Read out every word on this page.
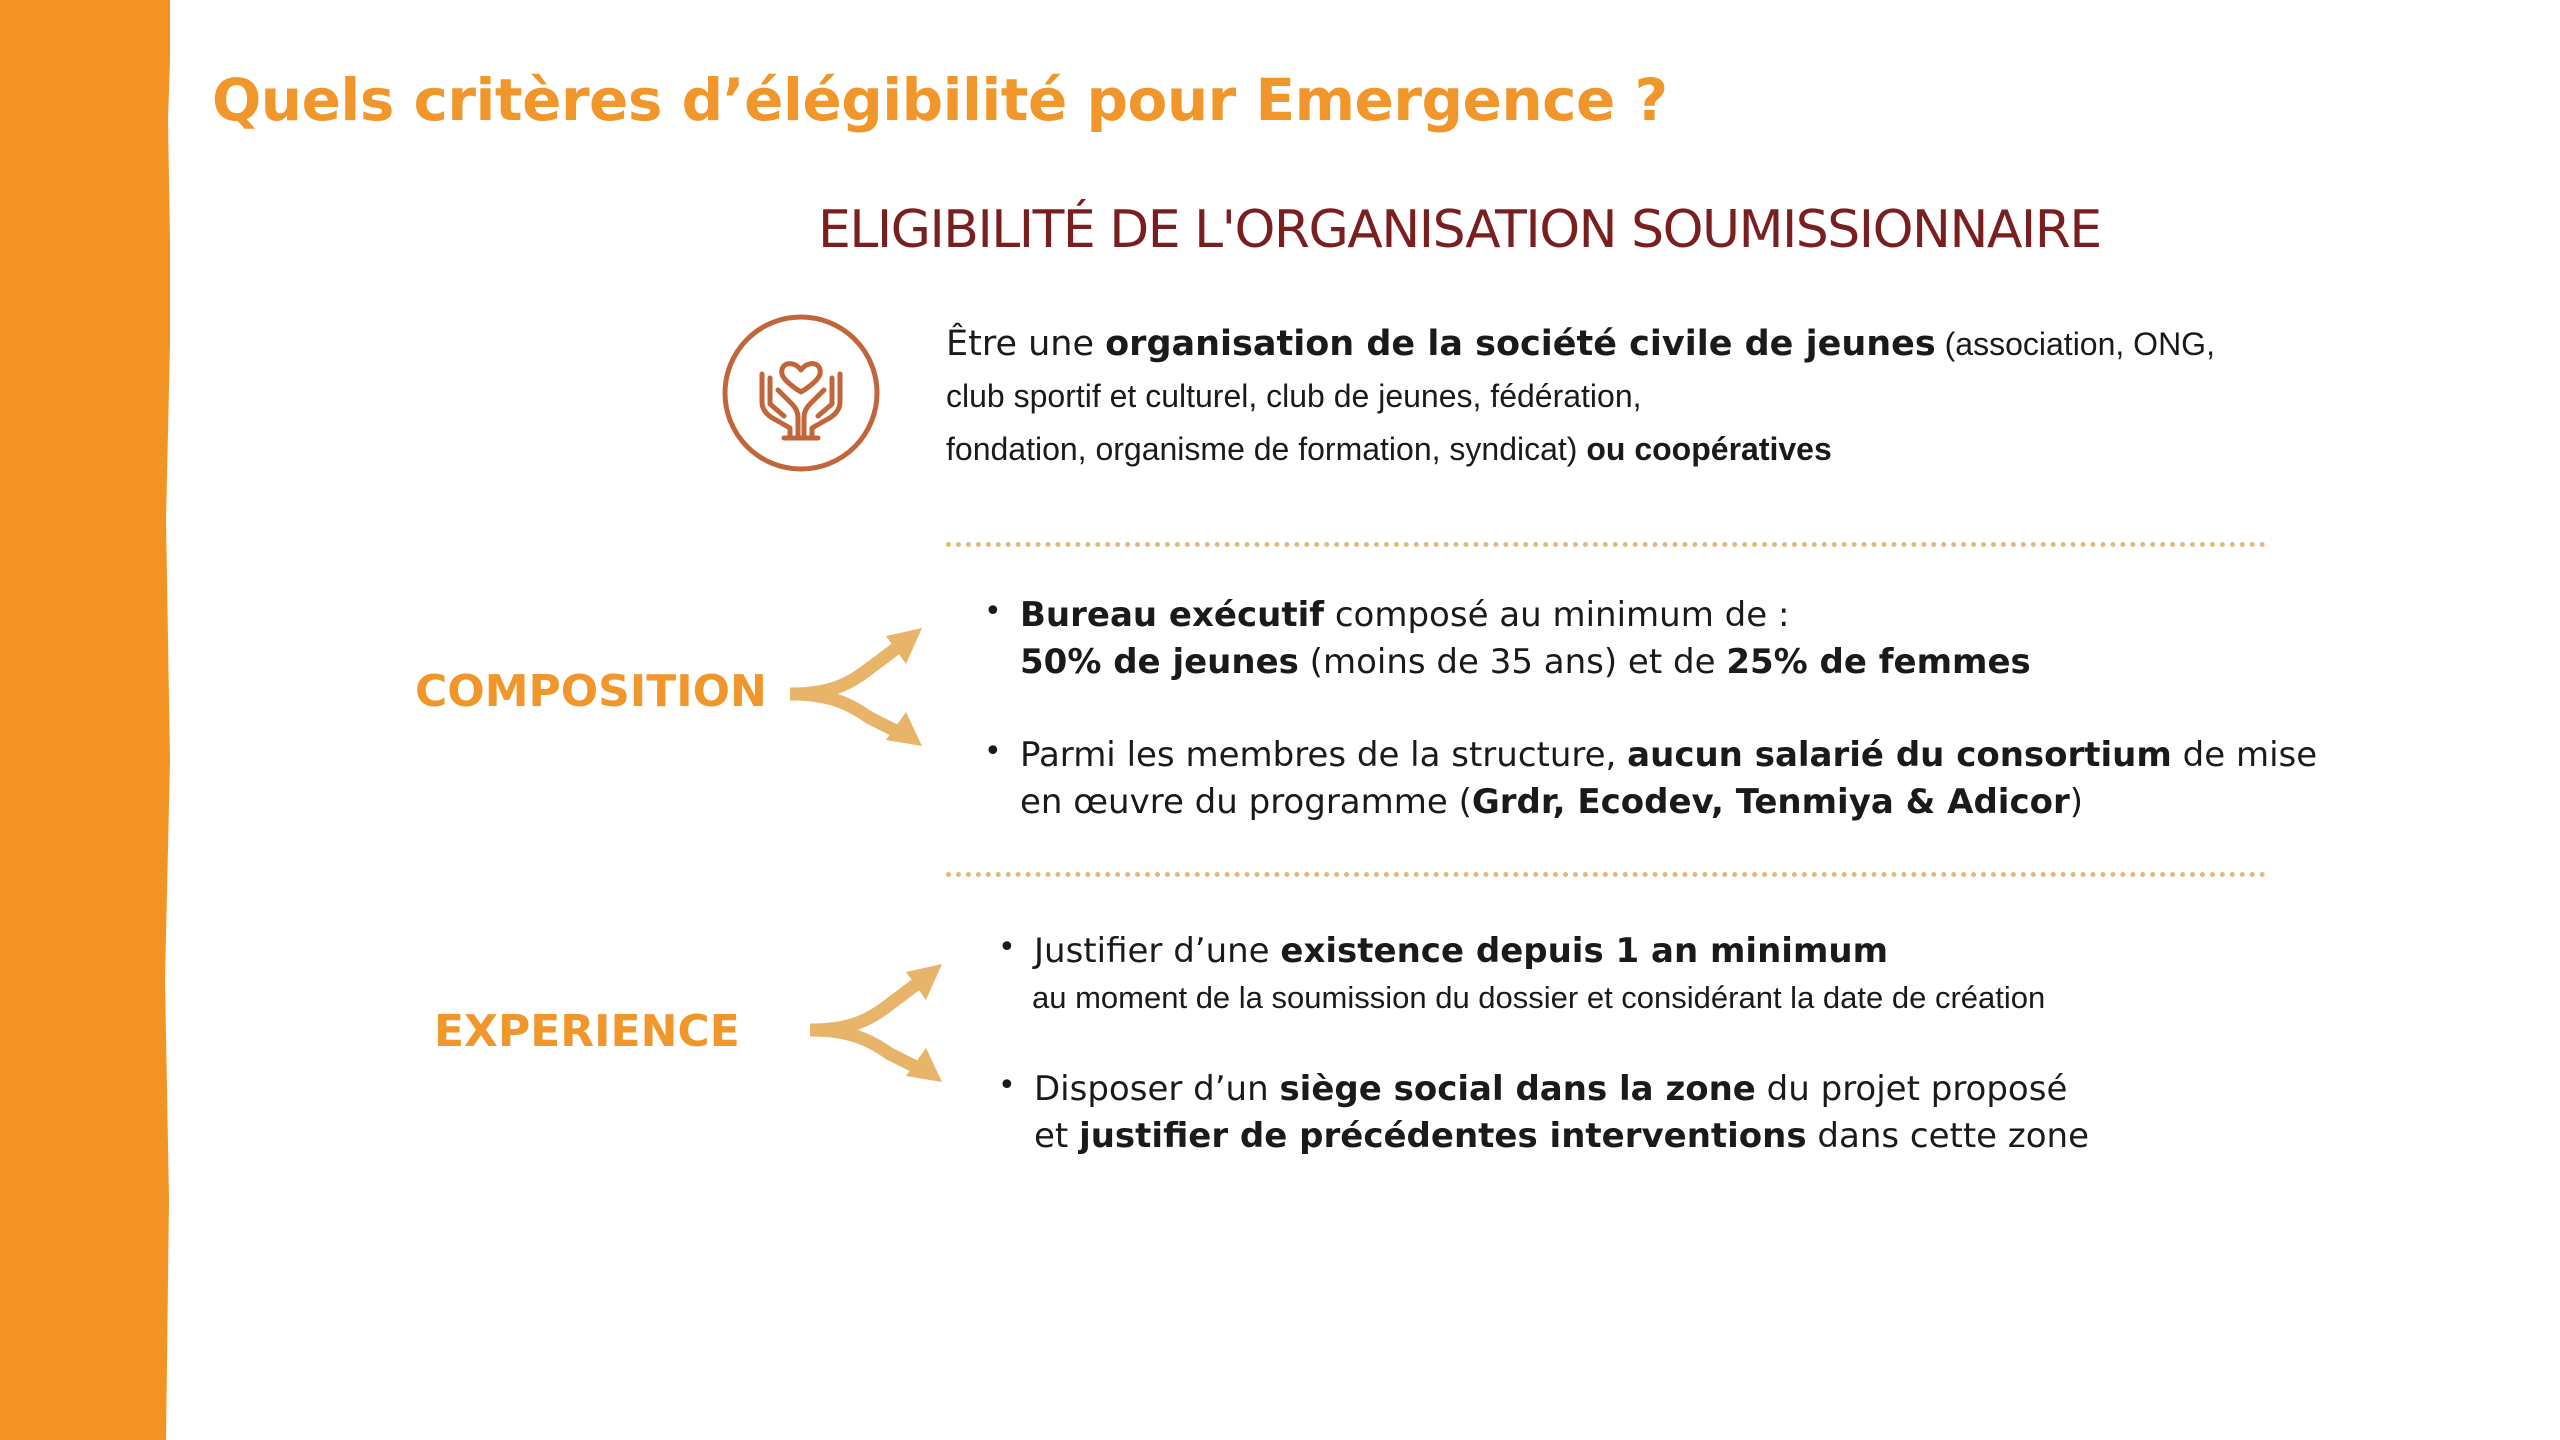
Quels critères d’élégibilité pour Emergence ?
ELIGIBILITÉ DE L'ORGANISATION SOUMISSIONNAIRE
Être une organisation de la société civile de jeunes (association, ONG,
club sportif et culturel, club de jeunes, fédération,
fondation, organisme de formation, syndicat) ou coopératives
COMPOSITION
• Bureau exécutif composé au minimum de :
50% de jeunes (moins de 35 ans) et de 25% de femmes
• Parmi les membres de la structure, aucun salarié du consortium de mise
en œuvre du programme (Grdr, Ecodev, Tenmiya & Adicor)
EXPERIENCE
• Justifier d’une existence depuis 1 an minimum
au moment de la soumission du dossier et considérant la date de création
• Disposer d’un siège social dans la zone du projet proposé
et justifier de précédentes interventions dans cette zone
